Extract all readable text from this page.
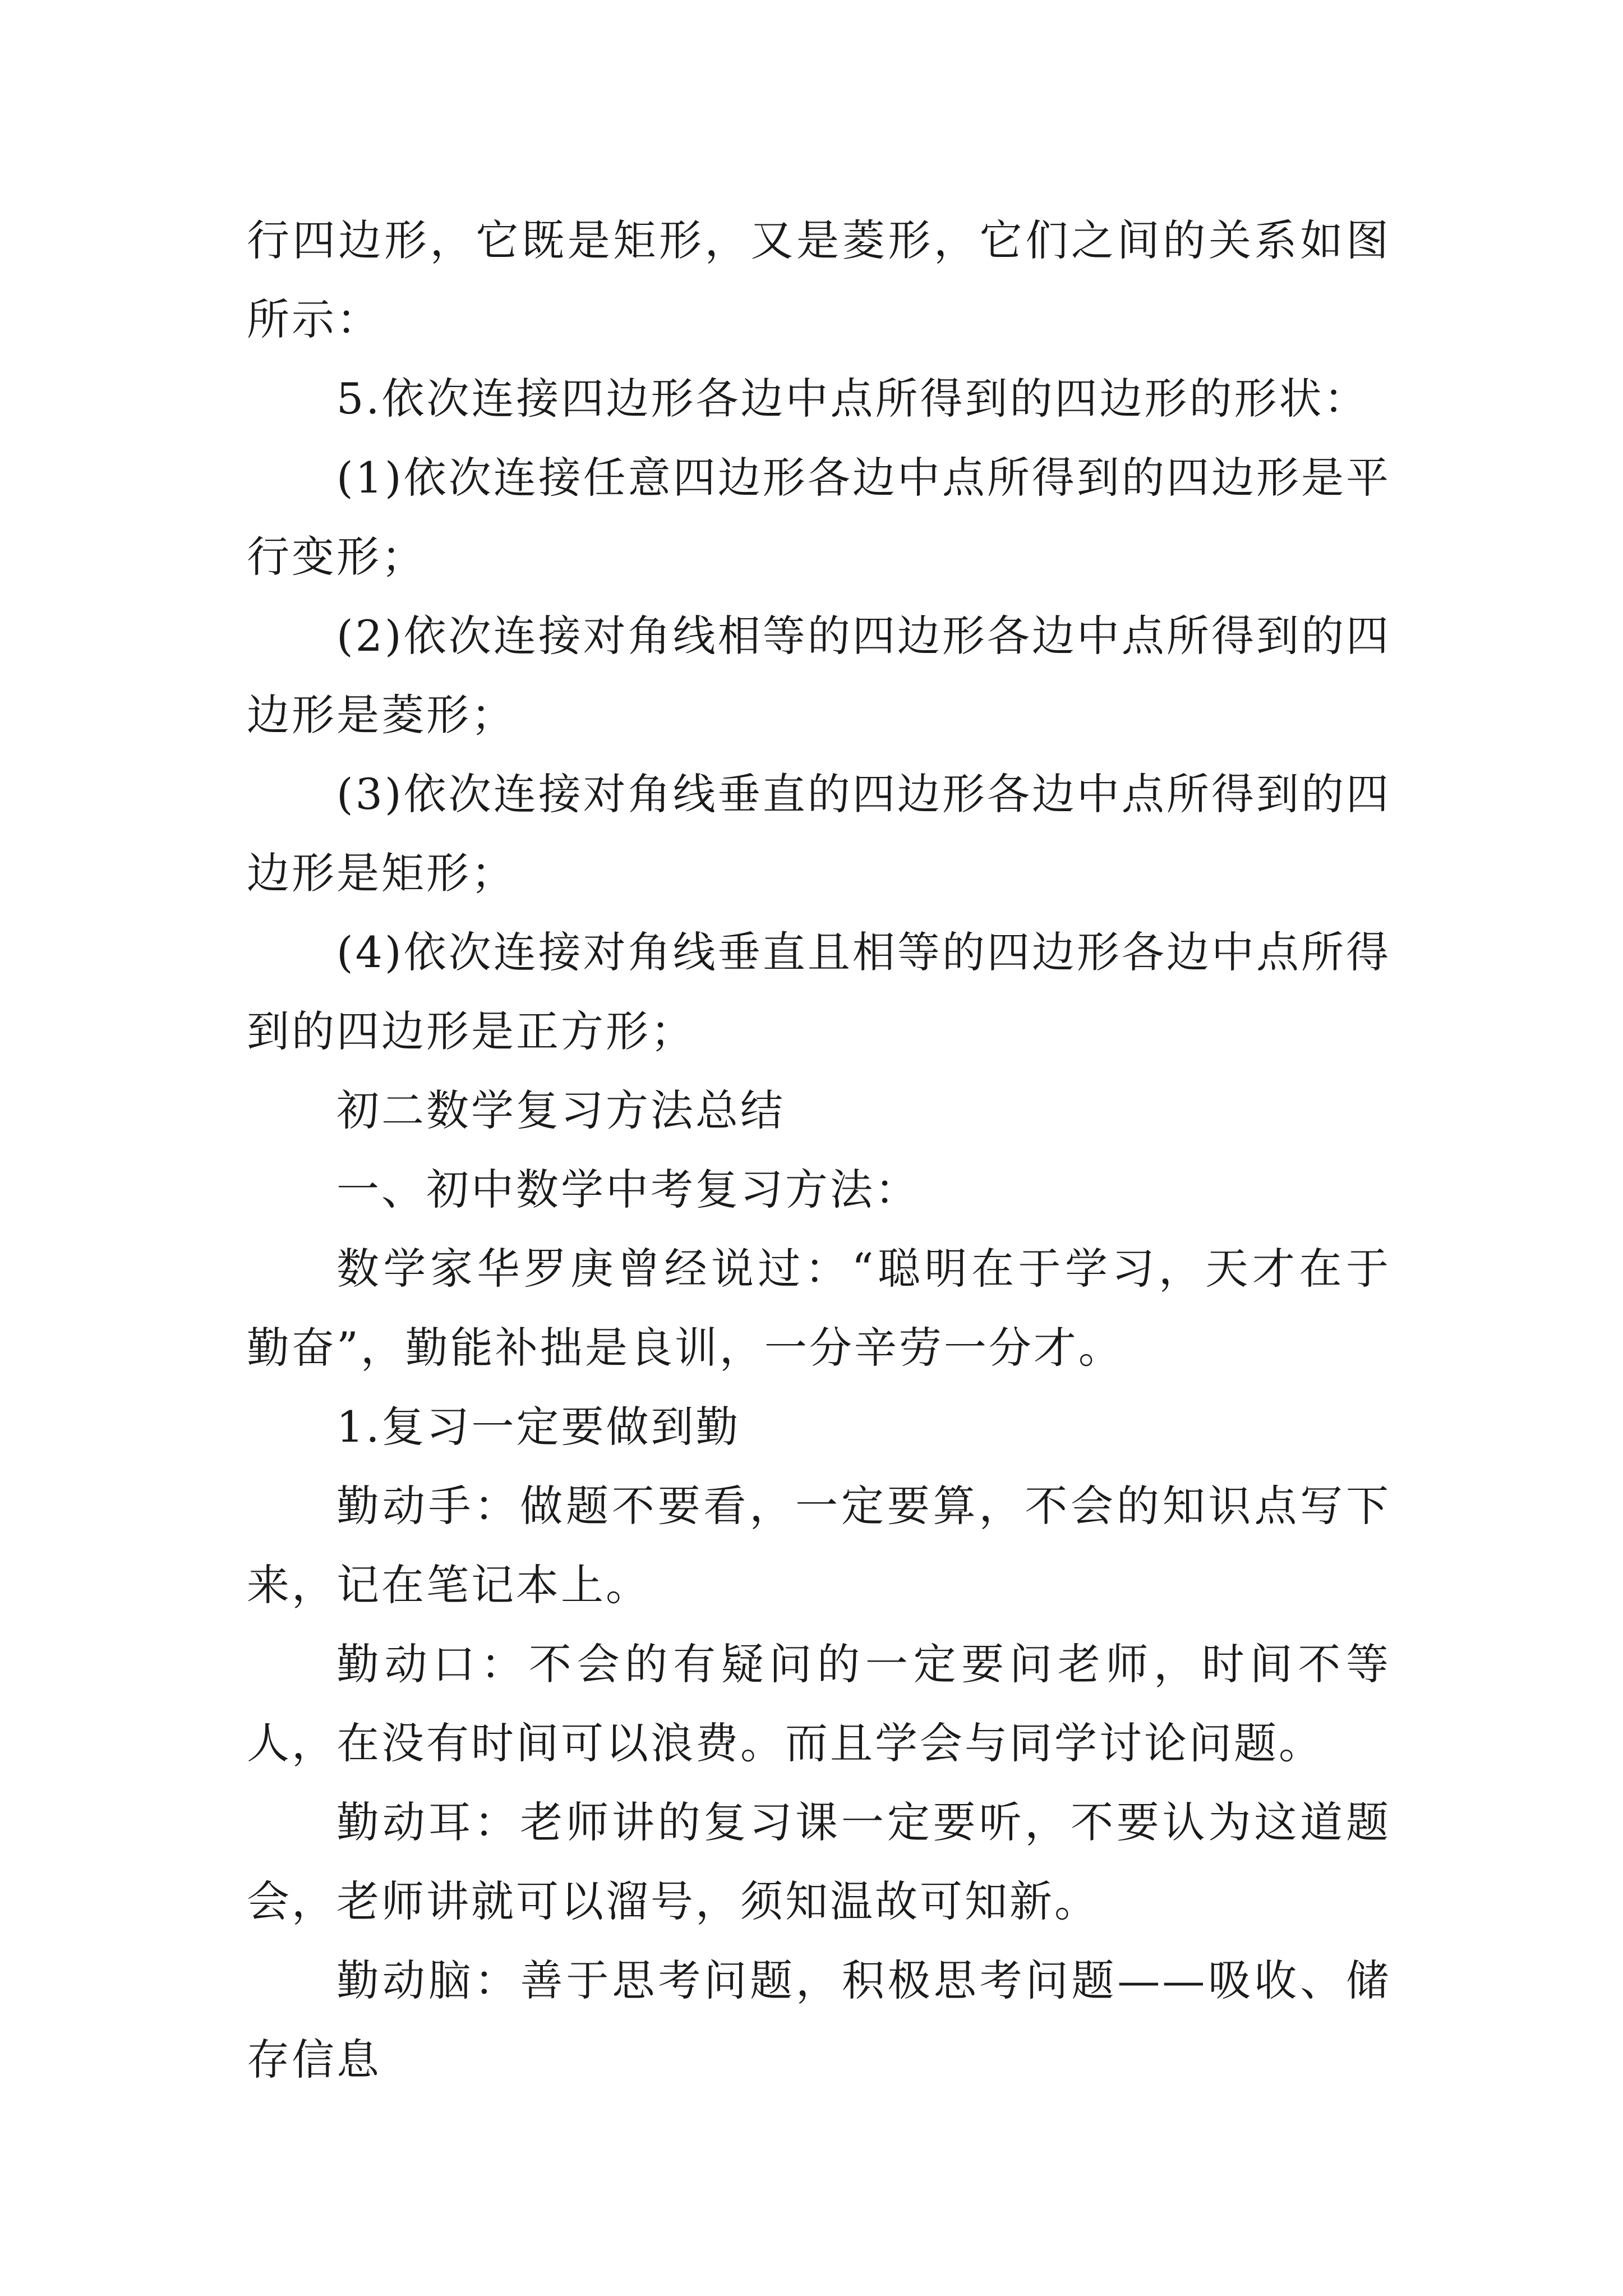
行四边形，它既是矩形，又是菱形，它们之间的关系如图所示：

5.依次连接四边形各边中点所得到的四边形的形状：

(1)依次连接任意四边形各边中点所得到的四边形是平行变形；

(2)依次连接对角线相等的四边形各边中点所得到的四边形是菱形；

(3)依次连接对角线垂直的四边形各边中点所得到的四边形是矩形；

(4)依次连接对角线垂直且相等的四边形各边中点所得到的四边形是正方形；

初二数学复习方法总结

一、初中数学中考复习方法：

数学家华罗庚曾经说过：“聪明在于学习，天才在于勤奋”，勤能补拙是良训，一分辛劳一分才。

1.复习一定要做到勤

勤动手：做题不要看，一定要算，不会的知识点写下来，记在笔记本上。

勤动口：不会的有疑问的一定要问老师，时间不等人，在没有时间可以浪费。而且学会与同学讨论问题。

勤动耳：老师讲的复习课一定要听，不要认为这道题会，老师讲就可以溜号，须知温故可知新。

勤动脑：善于思考问题，积极思考问题——吸收、储存信息
